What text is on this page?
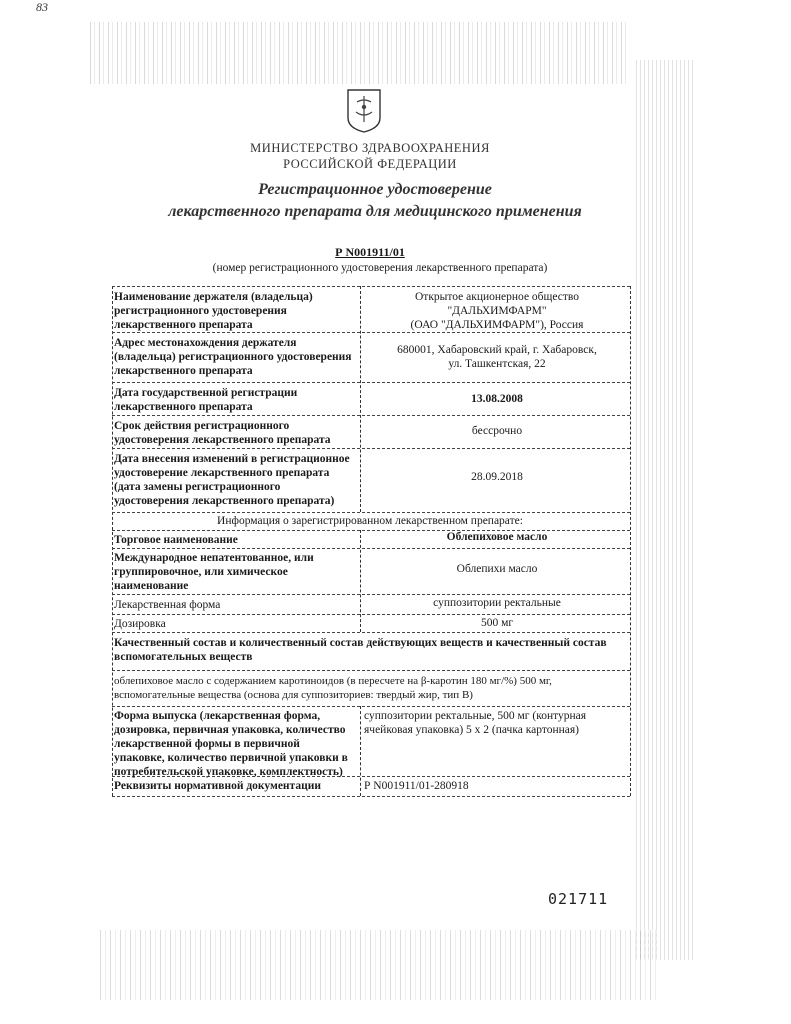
83
МИНИСТЕРСТВО ЗДРАВООХРАНЕНИЯ
РОССИЙСКОЙ ФЕДЕРАЦИИ
Регистрационное удостоверение
лекарственного препарата для медицинского применения
Р N001911/01
(номер регистрационного удостоверения лекарственного препарата)
Наименование держателя (владельца)
регистрационного удостоверения
лекарственного препарата
Открытое акционерное общество
"ДАЛЬХИМФАРМ"
(ОАО "ДАЛЬХИМФАРМ"), Россия
Адрес местонахождения держателя
(владельца) регистрационного удостоверения
лекарственного препарата
680001, Хабаровский край, г. Хабаровск,
ул. Ташкентская, 22
Дата государственной регистрации
лекарственного препарата
13.08.2008
Срок действия регистрационного
удостоверения лекарственного препарата
бессрочно
Дата внесения изменений в регистрационное
удостоверение лекарственного препарата
(дата замены регистрационного
удостоверения лекарственного препарата)
28.09.2018
Информация о зарегистрированном лекарственном препарате:
Торговое наименование	Облепиховое масло
Международное непатентованное, или
группировочное, или химическое
наименование
Облепихи масло
Лекарственная форма	суппозитории ректальные
Дозировка	500 мг
Качественный состав и количественный состав действующих веществ и качественный состав
вспомогательных веществ
облепиховое масло с содержанием каротиноидов (в пересчете на β-каротин 180 мг/%) 500 мг,
вспомогательные вещества (основа для суппозиториев: твердый жир, тип В)
Форма выпуска (лекарственная форма,
дозировка, первичная упаковка, количество
лекарственной формы в первичной
упаковке, количество первичной упаковки в
потребительской упаковке, комплектность)
суппозитории ректальные, 500 мг (контурная
ячейковая упаковка) 5 х 2 (пачка картонная)
Реквизиты нормативной документации	Р N001911/01-280918
021711
